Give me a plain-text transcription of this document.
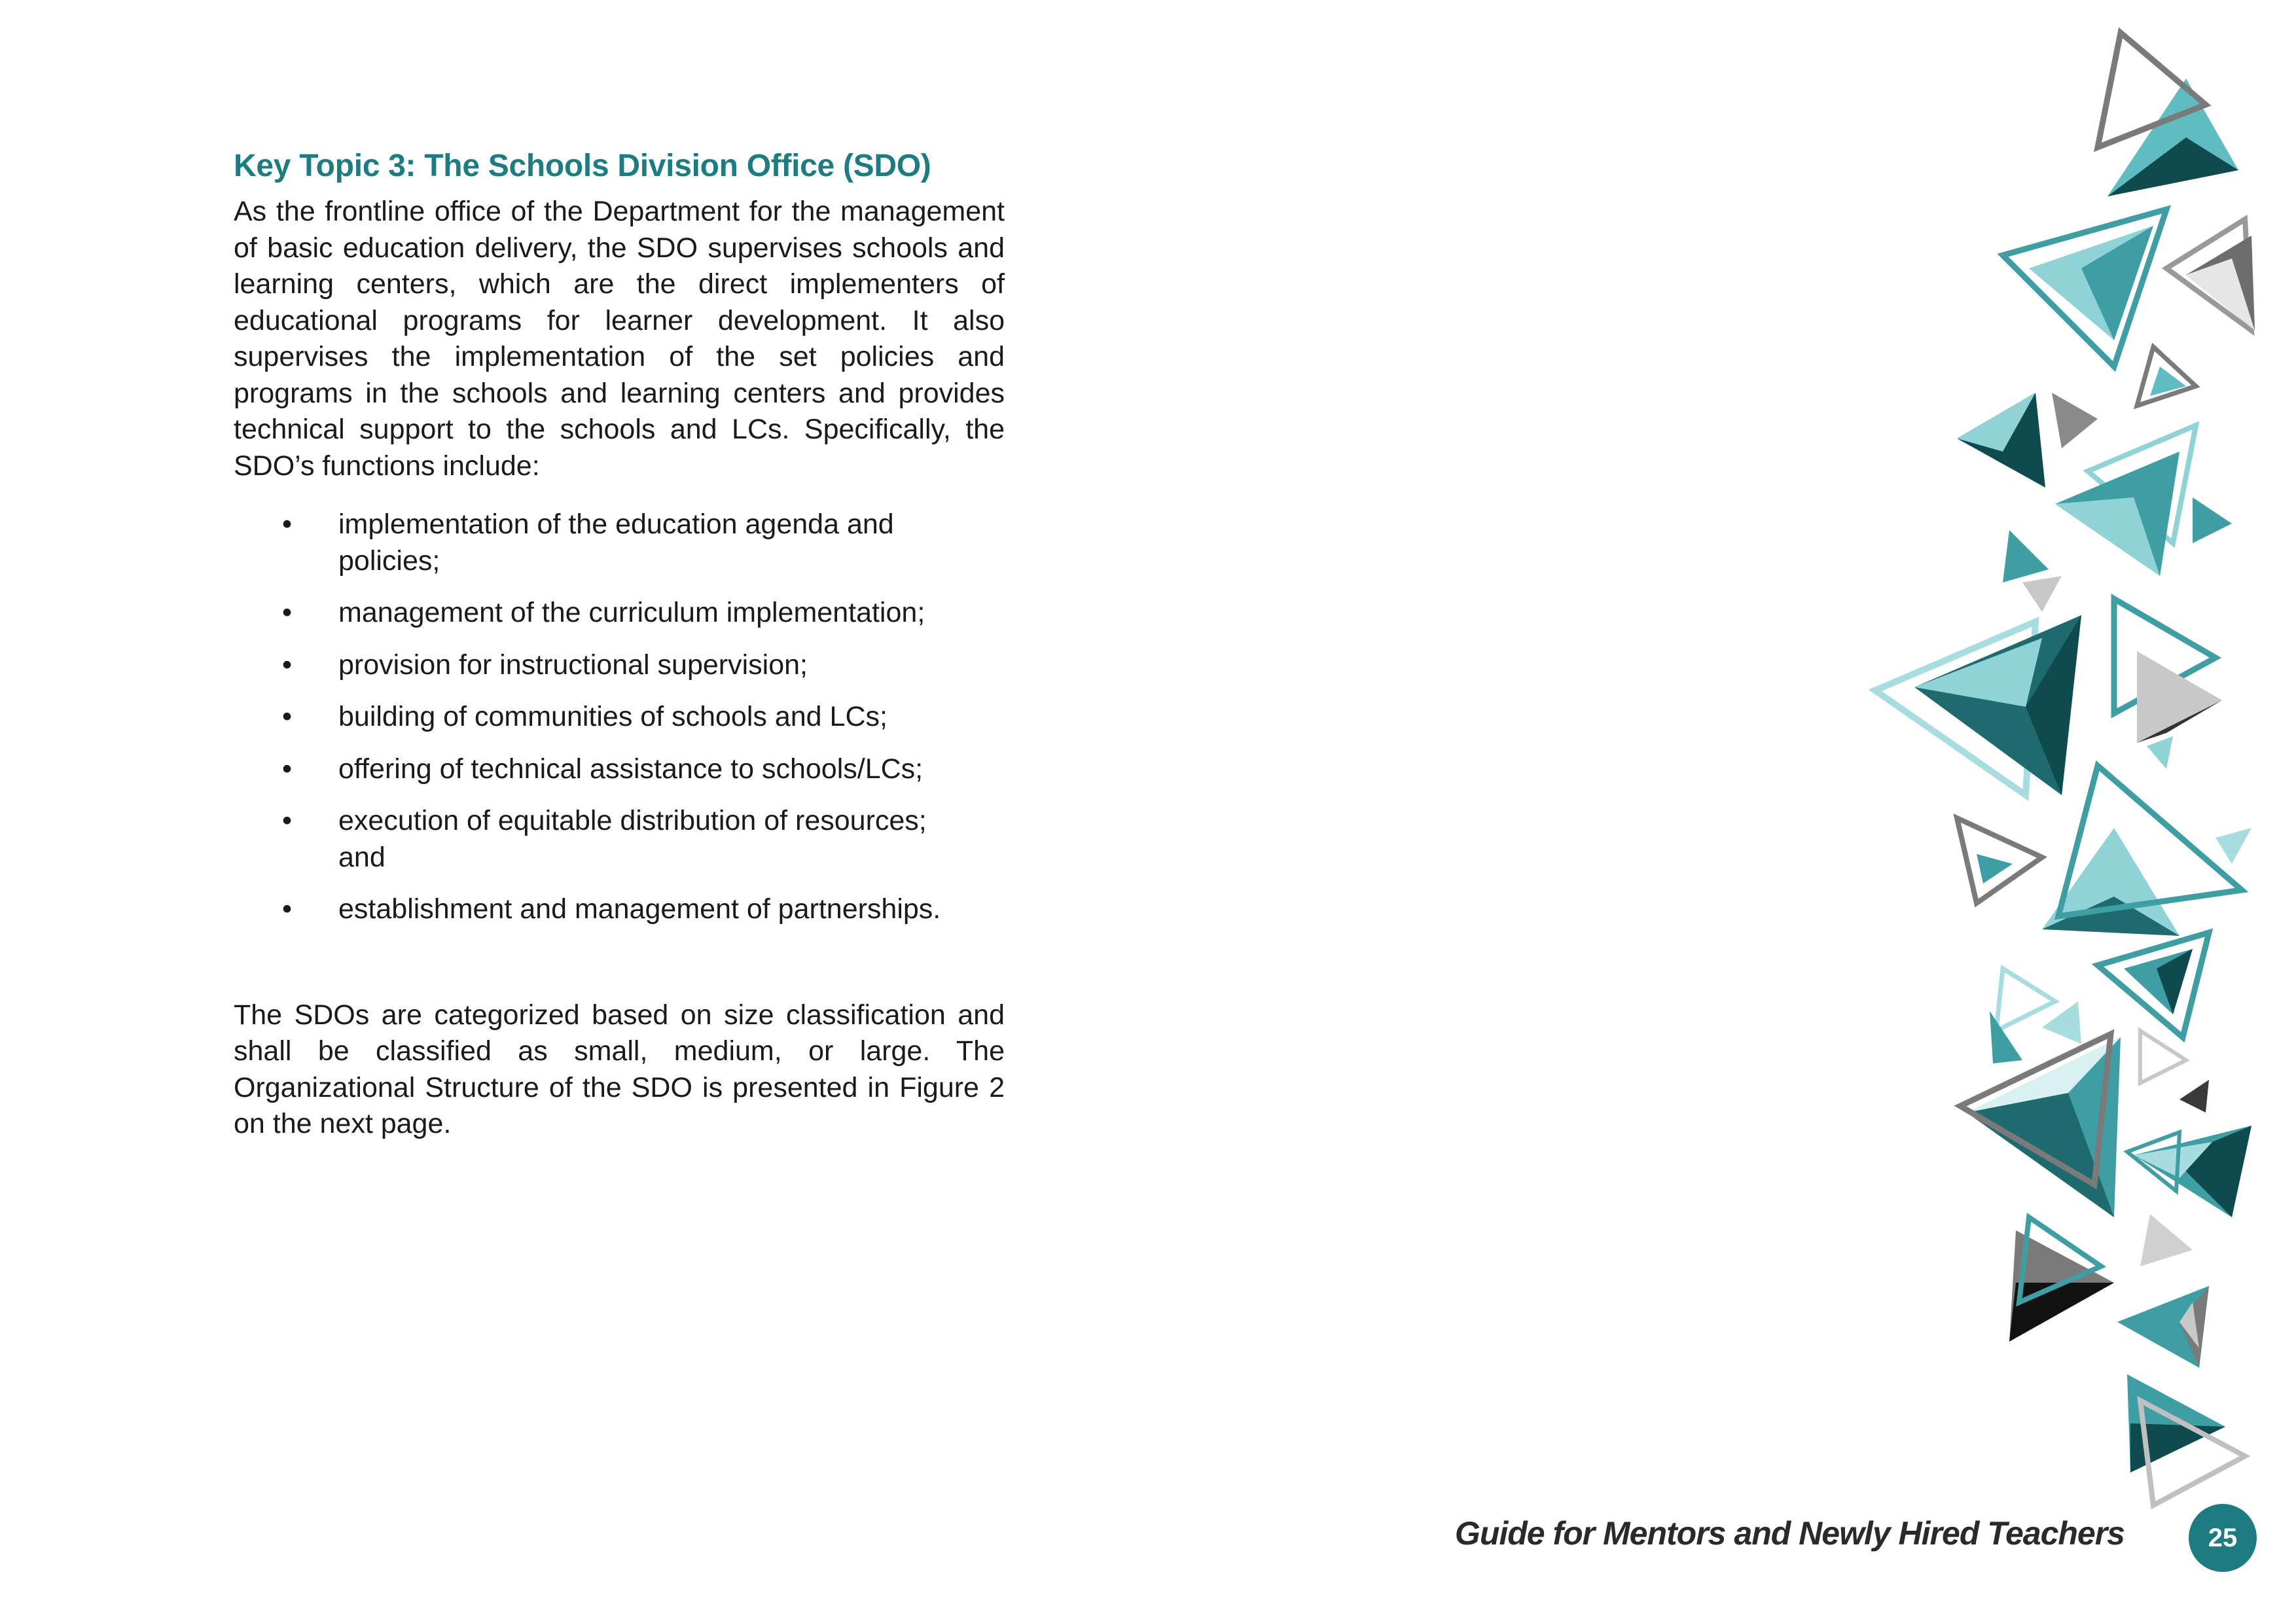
Key Topic 3: The Schools Division Office (SDO)

As the frontline office of the Department for the management of basic education delivery, the SDO supervises schools and learning centers, which are the direct implementers of educational programs for learner development. It also supervises the implementation of the set policies and programs in the schools and learning centers and provides technical support to the schools and LCs. Specifically, the SDO’s functions include:

• implementation of the education agenda and policies;
• management of the curriculum implementation;
• provision for instructional supervision;
• building of communities of schools and LCs;
• offering of technical assistance to schools/LCs;
• execution of equitable distribution of resources; and
• establishment and management of partnerships.

The SDOs are categorized based on size classification and shall be classified as small, medium, or large. The Organizational Structure of the SDO is presented in Figure 2 on the next page.

Guide for Mentors and Newly Hired Teachers	25
